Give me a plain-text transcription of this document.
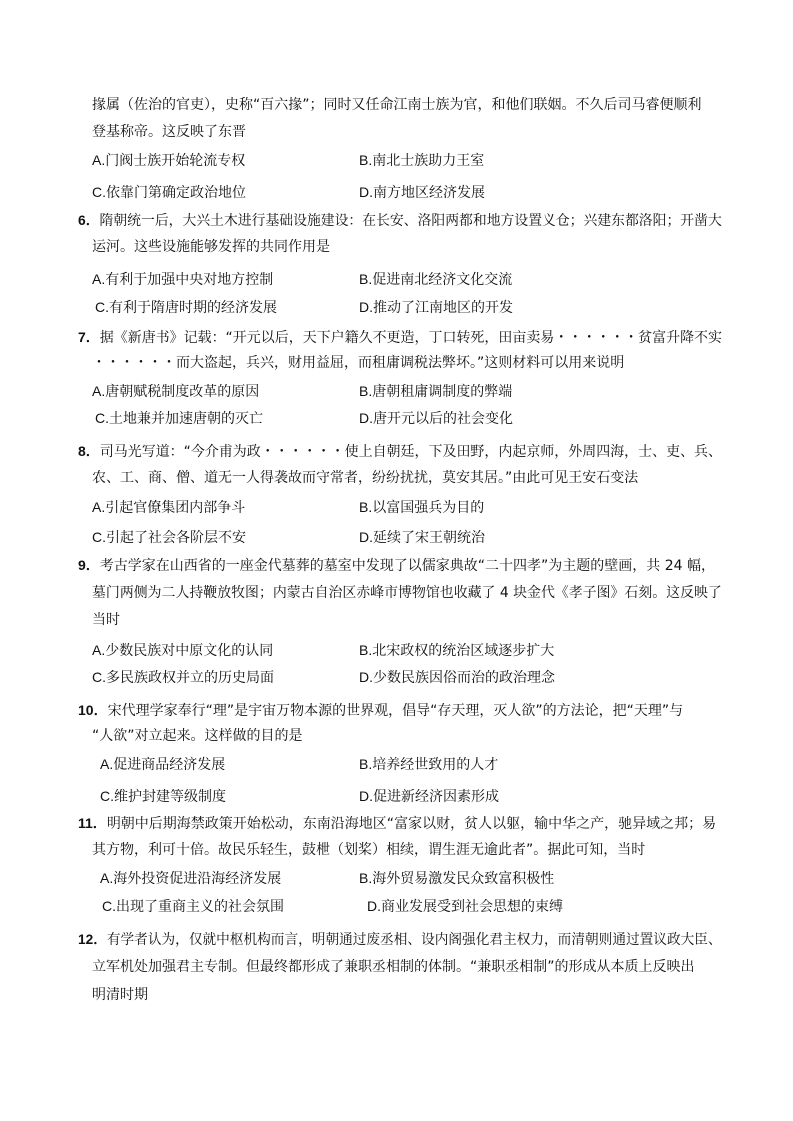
掾属（佐治的官吏），史称“百六掾”；同时又任命江南士族为官，和他们联姻。不久后司马睿便顺利
登基称帝。这反映了东晋
A.门阀士族开始轮流专权	B.南北士族助力王室
C.依靠门第确定政治地位	D.南方地区经济发展
6．隋朝统一后，大兴土木进行基础设施建设：在长安、洛阳两都和地方设置义仓；兴建东都洛阳；开凿大
运河。这些设施能够发挥的共同作用是
A.有利于加强中央对地方控制	B.促进南北经济文化交流
C.有利于隋唐时期的经济发展	D.推动了江南地区的开发
7．据《新唐书》记载：“开元以后，天下户籍久不更造，丁口转死，田亩卖易・・・・・・贫富升降不实
・・・・・・而大盗起，兵兴，财用益屈，而租庸调税法弊坏。”这则材料可以用来说明
A.唐朝赋税制度改革的原因	B.唐朝租庸调制度的弊端
C.土地兼并加速唐朝的灭亡	D.唐开元以后的社会变化
8．司马光写道：“今介甫为政・・・・・・使上自朝廷，下及田野，内起京师，外周四海，士、吏、兵、
农、工、商、僧、道无一人得袭故而守常者，纷纷扰扰，莫安其居。”由此可见王安石变法
A.引起官僚集团内部争斗	B.以富国强兵为目的
C.引起了社会各阶层不安	D.延续了宋王朝统治
9．考古学家在山西省的一座金代墓葬的墓室中发现了以儒家典故“二十四孝”为主题的壁画，共 24 幅，
墓门两侧为二人持鞭放牧图；内蒙古自治区赤峰市博物馆也收藏了 4 块金代《孝子图》石刻。这反映了
当时
A.少数民族对中原文化的认同	B.北宋政权的统治区域逐步扩大
C.多民族政权并立的历史局面	D.少数民族因俗而治的政治理念
10．宋代理学家奉行“理”是宇宙万物本源的世界观，倡导“存天理，灭人欲”的方法论，把“天理”与
“人欲”对立起来。这样做的目的是
A.促进商品经济发展	B.培养经世致用的人才
C.维护封建等级制度	D.促进新经济因素形成
11．明朝中后期海禁政策开始松动，东南沿海地区“富家以财，贫人以躯，输中华之产，驰异域之邦；易
其方物，利可十倍。故民乐轻生，鼓枻（划桨）相续，谓生涯无逾此者”。据此可知，当时
A.海外投资促进沿海经济发展	B.海外贸易激发民众致富积极性
C.出现了重商主义的社会氛围	D.商业发展受到社会思想的束缚
12．有学者认为，仅就中枢机构而言，明朝通过废丞相、设内阁强化君主权力，而清朝则通过置议政大臣、
立军机处加强君主专制。但最终都形成了兼职丞相制的体制。“兼职丞相制”的形成从本质上反映出
明清时期
